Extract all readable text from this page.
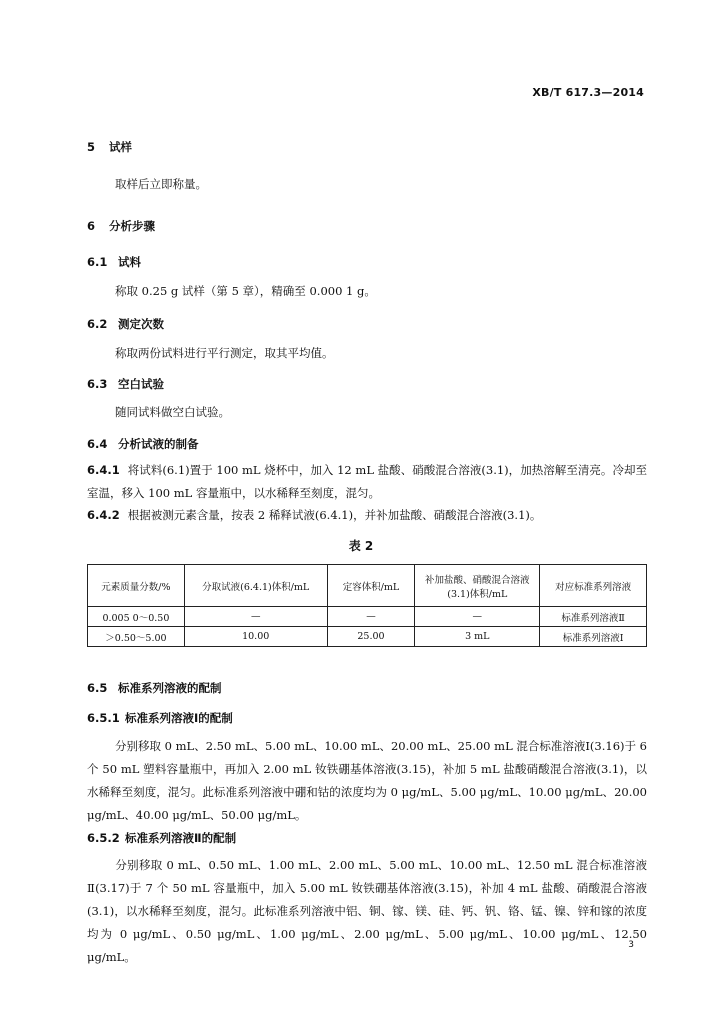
XB/T 617.3—2014
5 试样
取样后立即称量。
6 分析步骤
6.1 试料
称取 0.25 g 试样（第 5 章），精确至 0.000 1 g。
6.2 测定次数
称取两份试料进行平行测定，取其平均值。
6.3 空白试验
随同试料做空白试验。
6.4 分析试液的制备
6.4.1 将试料(6.1)置于 100 mL 烧杯中，加入 12 mL 盐酸、硝酸混合溶液(3.1)，加热溶解至清亮。冷却至室温，移入 100 mL 容量瓶中，以水稀释至刻度，混匀。
6.4.2 根据被测元素含量，按表 2 稀释试液(6.4.1)，并补加盐酸、硝酸混合溶液(3.1)。
表 2
元素质量分数/%	分取试液(6.4.1)体积/mL	定容体积/mL	补加盐酸、硝酸混合溶液(3.1)体积/mL	对应标准系列溶液
0.005 0～0.50	—	—	—	标准系列溶液Ⅱ
＞0.50～5.00	10.00	25.00	3 mL	标准系列溶液Ⅰ
6.5 标准系列溶液的配制
6.5.1 标准系列溶液Ⅰ的配制
分别移取 0 mL、2.50 mL、5.00 mL、10.00 mL、20.00 mL、25.00 mL 混合标准溶液Ⅰ(3.16)于 6 个 50 mL 塑料容量瓶中，再加入 2.00 mL 钕铁硼基体溶液(3.15)，补加 5 mL 盐酸硝酸混合溶液(3.1)，以水稀释至刻度，混匀。此标准系列溶液中硼和钴的浓度均为 0 μg/mL、5.00 μg/mL、10.00 μg/mL、20.00 μg/mL、40.00 μg/mL、50.00 μg/mL。
6.5.2 标准系列溶液Ⅱ的配制
分别移取 0 mL、0.50 mL、1.00 mL、2.00 mL、5.00 mL、10.00 mL、12.50 mL 混合标准溶液Ⅱ(3.17)于 7 个 50 mL 容量瓶中，加入 5.00 mL 钕铁硼基体溶液(3.15)，补加 4 mL 盐酸、硝酸混合溶液(3.1)，以水稀释至刻度，混匀。此标准系列溶液中铝、铜、镓、镁、硅、钙、钒、铬、锰、镍、锌和镓的浓度均为 0 μg/mL、0.50 μg/mL、1.00 μg/mL、2.00 μg/mL、5.00 μg/mL、10.00 μg/mL、12.50 μg/mL。
3
